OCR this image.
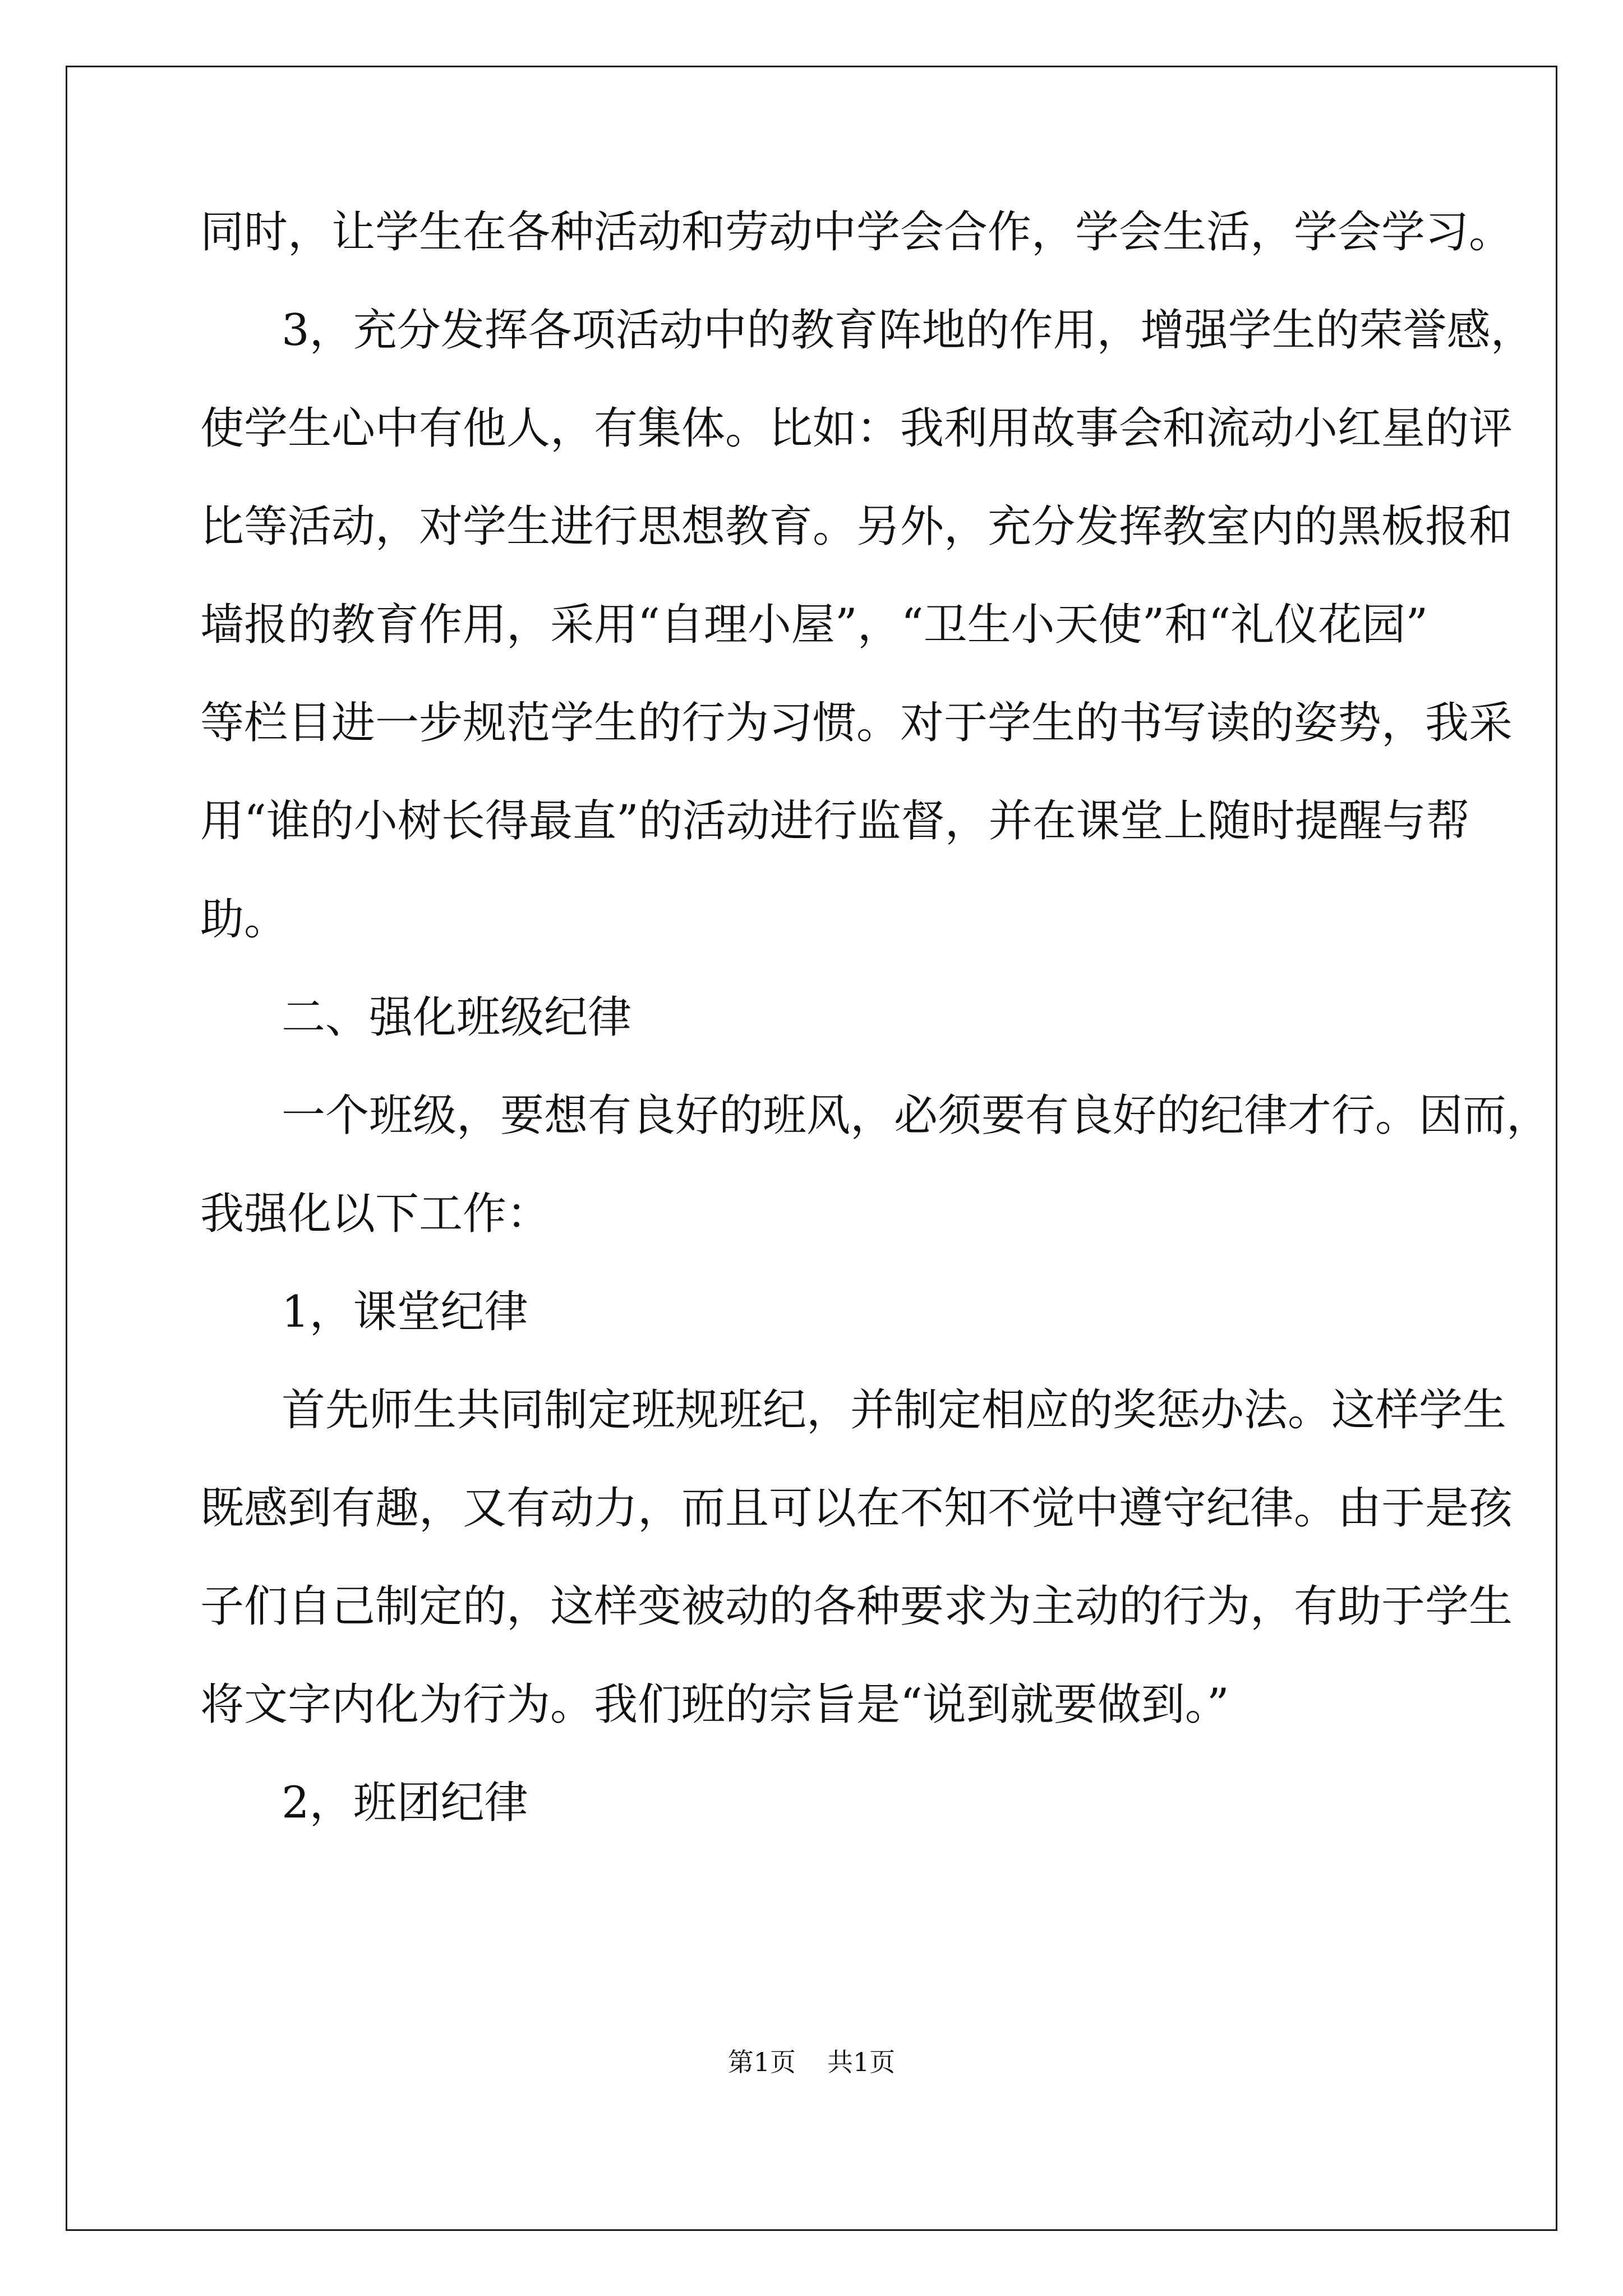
同时，让学生在各种活动和劳动中学会合作，学会生活，学会学习。
3，充分发挥各项活动中的教育阵地的作用，增强学生的荣誉感，
使学生心中有他人，有集体。比如：我利用故事会和流动小红星的评
比等活动，对学生进行思想教育。另外，充分发挥教室内的黑板报和
墙报的教育作用，采用“自理小屋”，“卫生小天使”和“礼仪花园”
等栏目进一步规范学生的行为习惯。对于学生的书写读的姿势，我采
用“谁的小树长得最直”的活动进行监督，并在课堂上随时提醒与帮
助。
二、强化班级纪律
一个班级，要想有良好的班风，必须要有良好的纪律才行。因而，
我强化以下工作：
1，课堂纪律
首先师生共同制定班规班纪，并制定相应的奖惩办法。这样学生
既感到有趣，又有动力，而且可以在不知不觉中遵守纪律。由于是孩
子们自己制定的，这样变被动的各种要求为主动的行为，有助于学生
将文字内化为行为。我们班的宗旨是“说到就要做到。”
2，班团纪律
第1页 共1页
